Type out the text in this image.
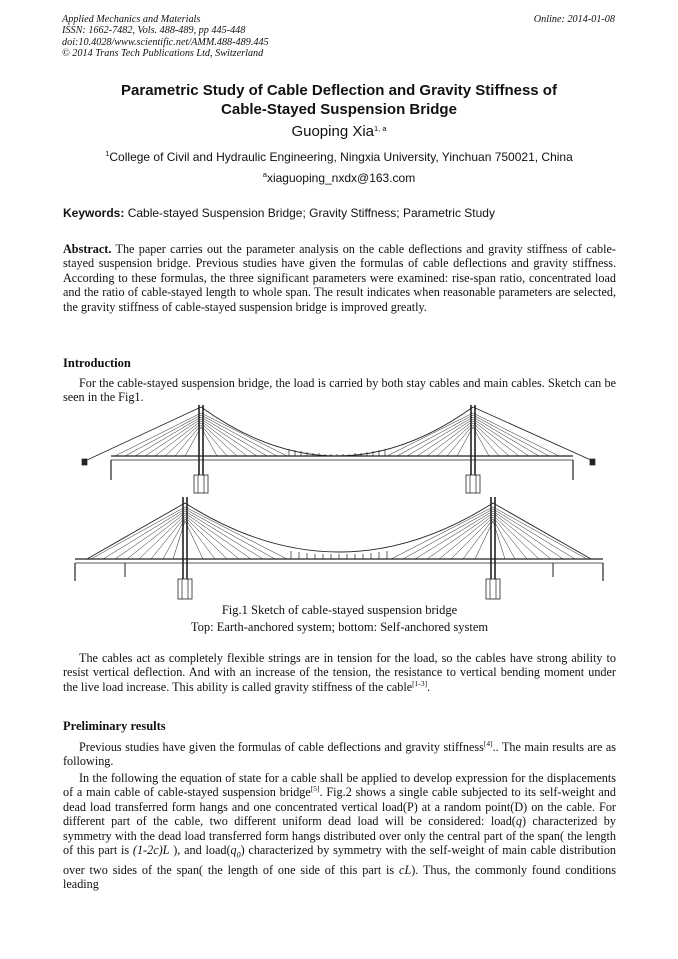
Applied Mechanics and Materials
ISSN: 1662-7482, Vols. 488-489, pp 445-448
doi:10.4028/www.scientific.net/AMM.488-489.445
© 2014 Trans Tech Publications Ltd, Switzerland
Online: 2014-01-08
Parametric Study of Cable Deflection and Gravity Stiffness of
Cable-Stayed Suspension Bridge
Guoping Xia$^{1, a}$
$^1$College of Civil and Hydraulic Engineering, Ningxia University, Yinchuan 750021, China
$^a$xiaguoping_nxdx@163.com
Keywords: Cable-stayed Suspension Bridge; Gravity Stiffness; Parametric Study
Abstract. The paper carries out the parameter analysis on the cable deflections and gravity stiffness of cable-stayed suspension bridge. Previous studies have given the formulas of cable deflections and gravity stiffness. According to these formulas, the three significant parameters were examined: rise-span ratio, concentrated load and the ratio of cable-stayed length to whole span. The result indicates when reasonable parameters are selected, the gravity stiffness of cable-stayed suspension bridge is improved greatly.
Introduction

For the cable-stayed suspension bridge, the load is carried by both stay cables and main cables. Sketch can be seen in the Fig1.

Fig.1 Sketch of cable-stayed suspension bridge
Top: Earth-anchored system; bottom: Self-anchored system

The cables act as completely flexible strings are in tension for the load, so the cables have strong ability to resist vertical deflection. And with an increase of the tension, the resistance to vertical bending moment under the live load increase. This ability is called gravity stiffness of the cable[1-3].

Preliminary results

Previous studies have given the formulas of cable deflections and gravity stiffness[4].. The main results are as following.

In the following the equation of state for a cable shall be applied to develop expression for the displacements of a main cable of cable-stayed suspension bridge[5]. Fig.2 shows a single cable subjected to its self-weight and dead load transferred form hangs and one concentrated vertical load(P) at a random point(D) on the cable. For different part of the cable, two different uniform dead load will be considered: load(q) characterized by symmetry with the dead load transferred form hangs distributed over only the central part of the span( the length of this part is (1-2c)L ), and $load(q_0)$ characterized by symmetry with the self-weight of main cable distribution over two sides of the span( the length of one side of this part is cL). Thus, the commonly found conditions leading
